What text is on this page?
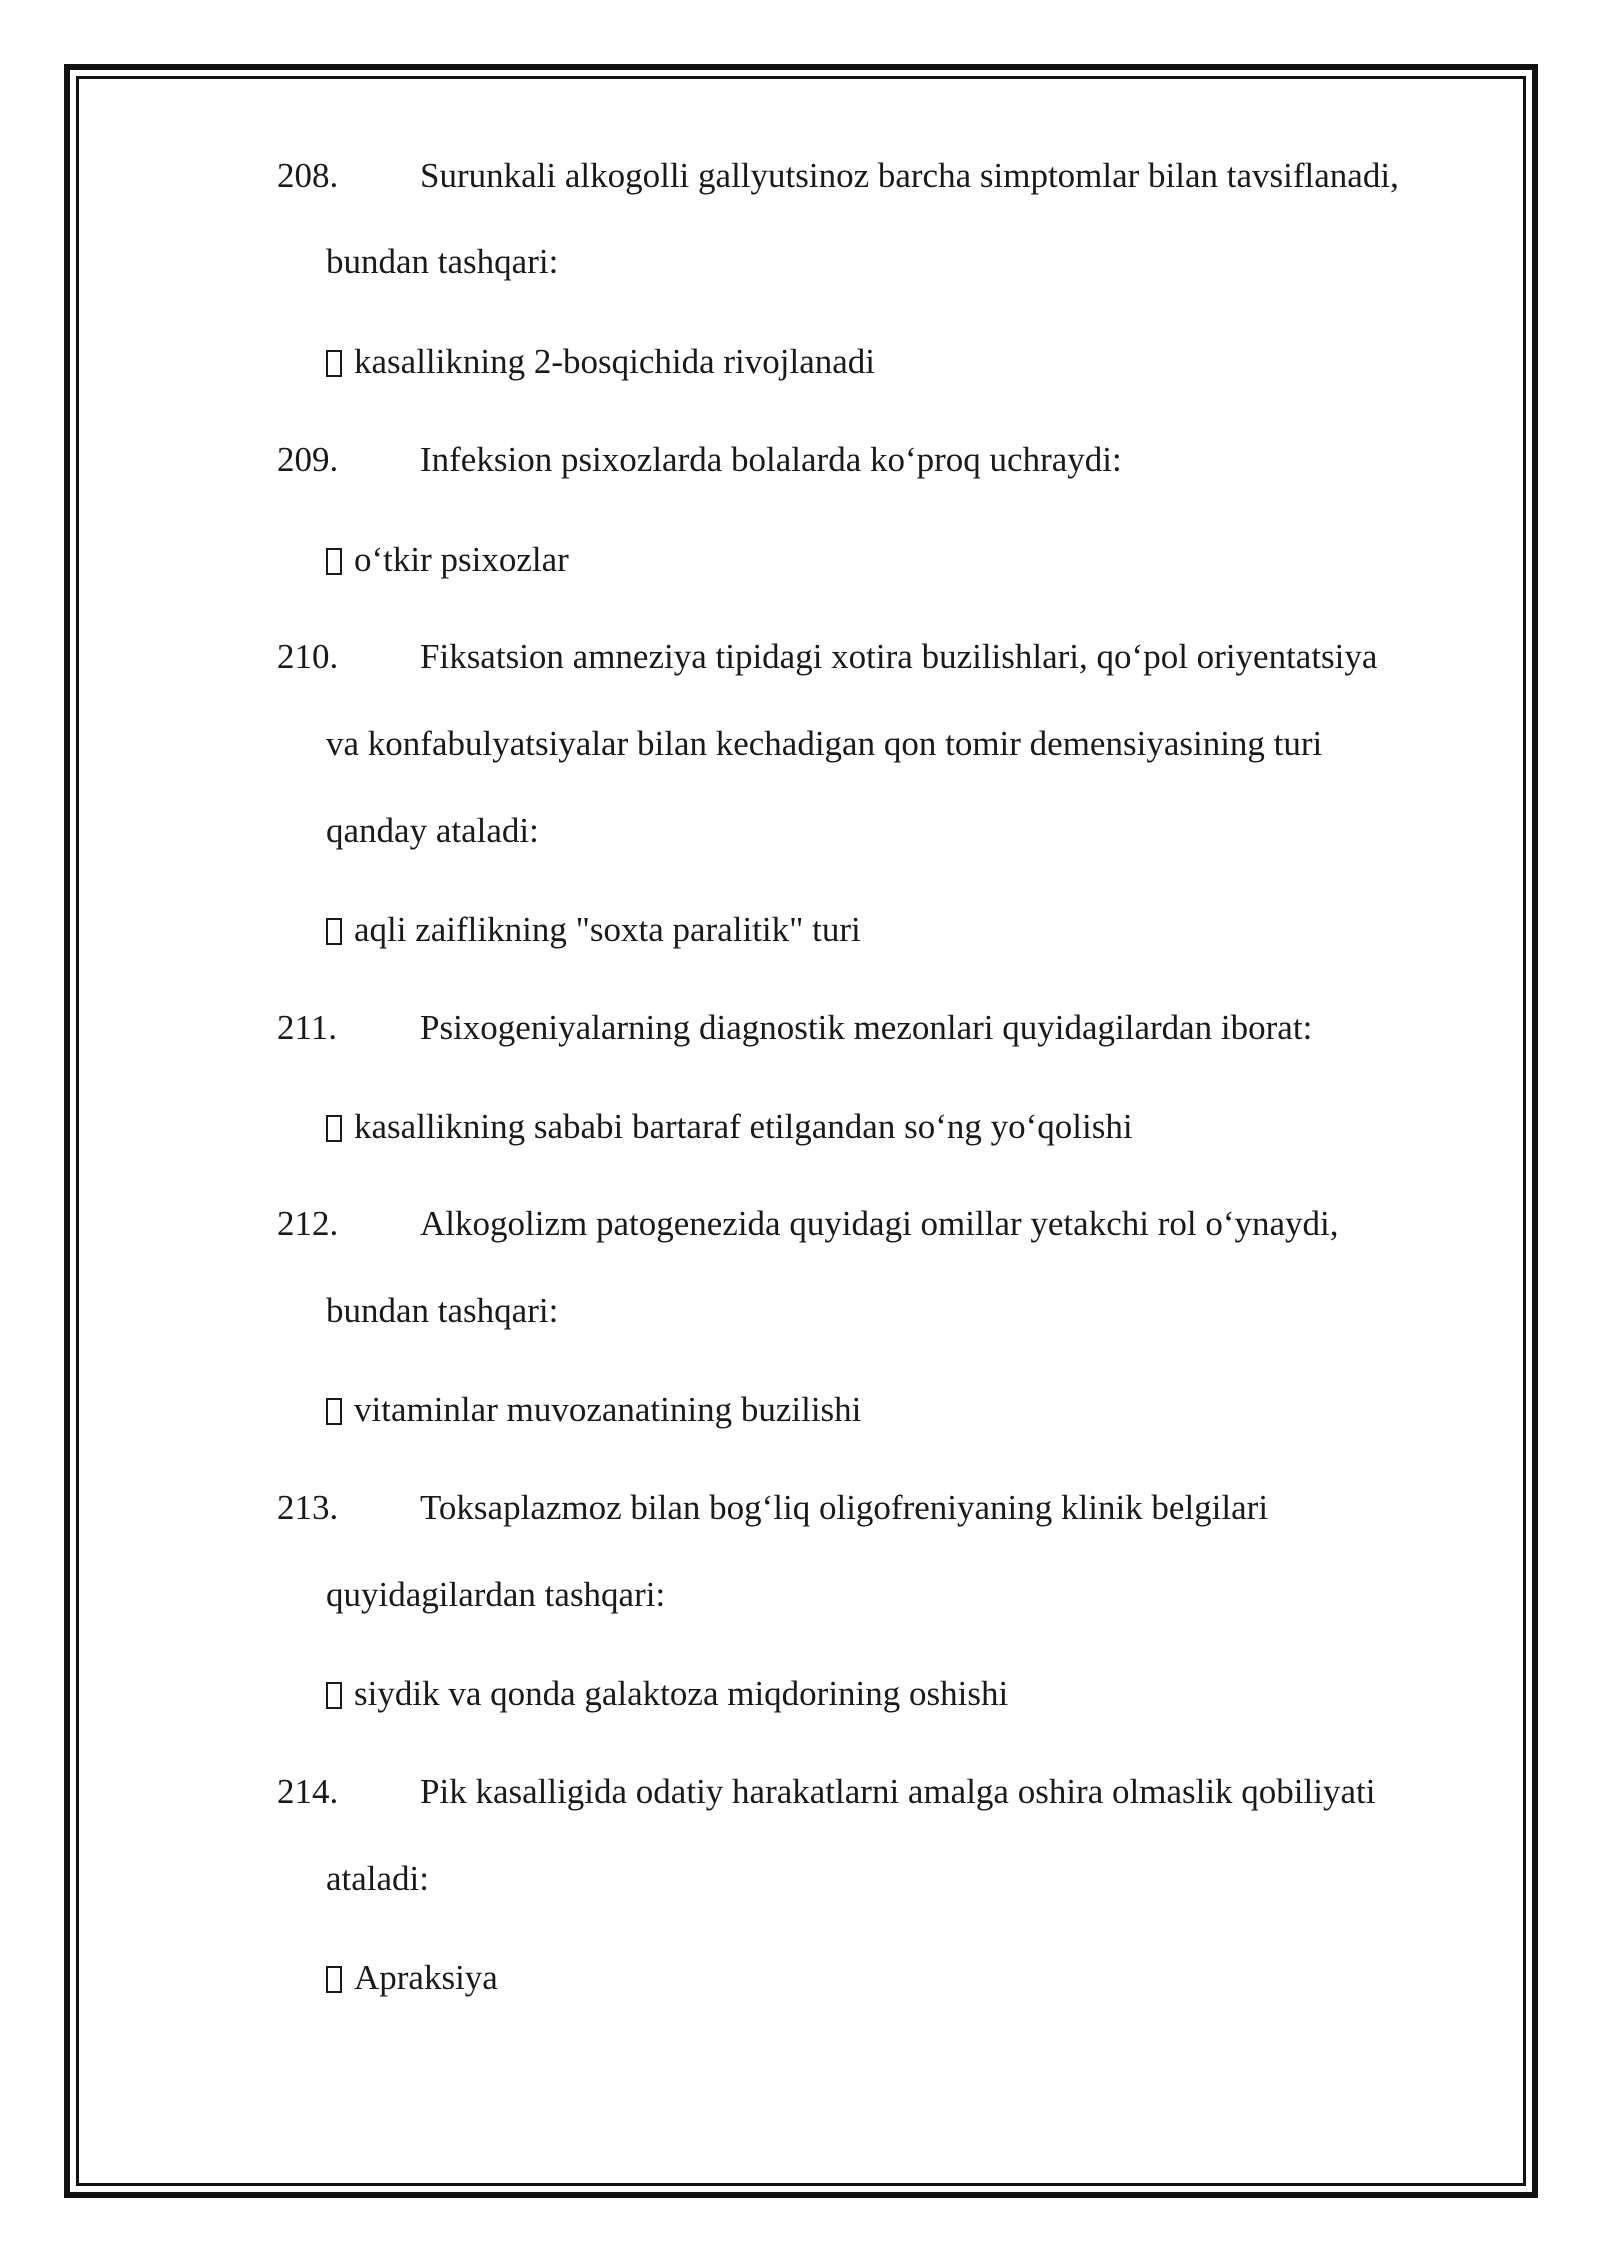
208. Surunkali alkogolli gallyutsinoz barcha simptomlar bilan tavsiflanadi,
bundan tashqari:
kasallikning 2-bosqichida rivojlanadi
209. Infeksion psixozlarda bolalarda ko‘proq uchraydi:
o‘tkir psixozlar
210. Fiksatsion amneziya tipidagi xotira buzilishlari, qo‘pol oriyentatsiya
va konfabulyatsiyalar bilan kechadigan qon tomir demensiyasining turi
qanday ataladi:
aqli zaiflikning "soxta paralitik" turi
211. Psixogeniyalarning diagnostik mezonlari quyidagilardan iborat:
kasallikning sababi bartaraf etilgandan so‘ng yo‘qolishi
212. Alkogolizm patogenezida quyidagi omillar yetakchi rol o‘ynaydi,
bundan tashqari:
vitaminlar muvozanatining buzilishi
213. Toksaplazmoz bilan bog‘liq oligofreniyaning klinik belgilari
quyidagilardan tashqari:
siydik va qonda galaktoza miqdorining oshishi
214. Pik kasalligida odatiy harakatlarni amalga oshira olmaslik qobiliyati
ataladi:
Apraksiya
